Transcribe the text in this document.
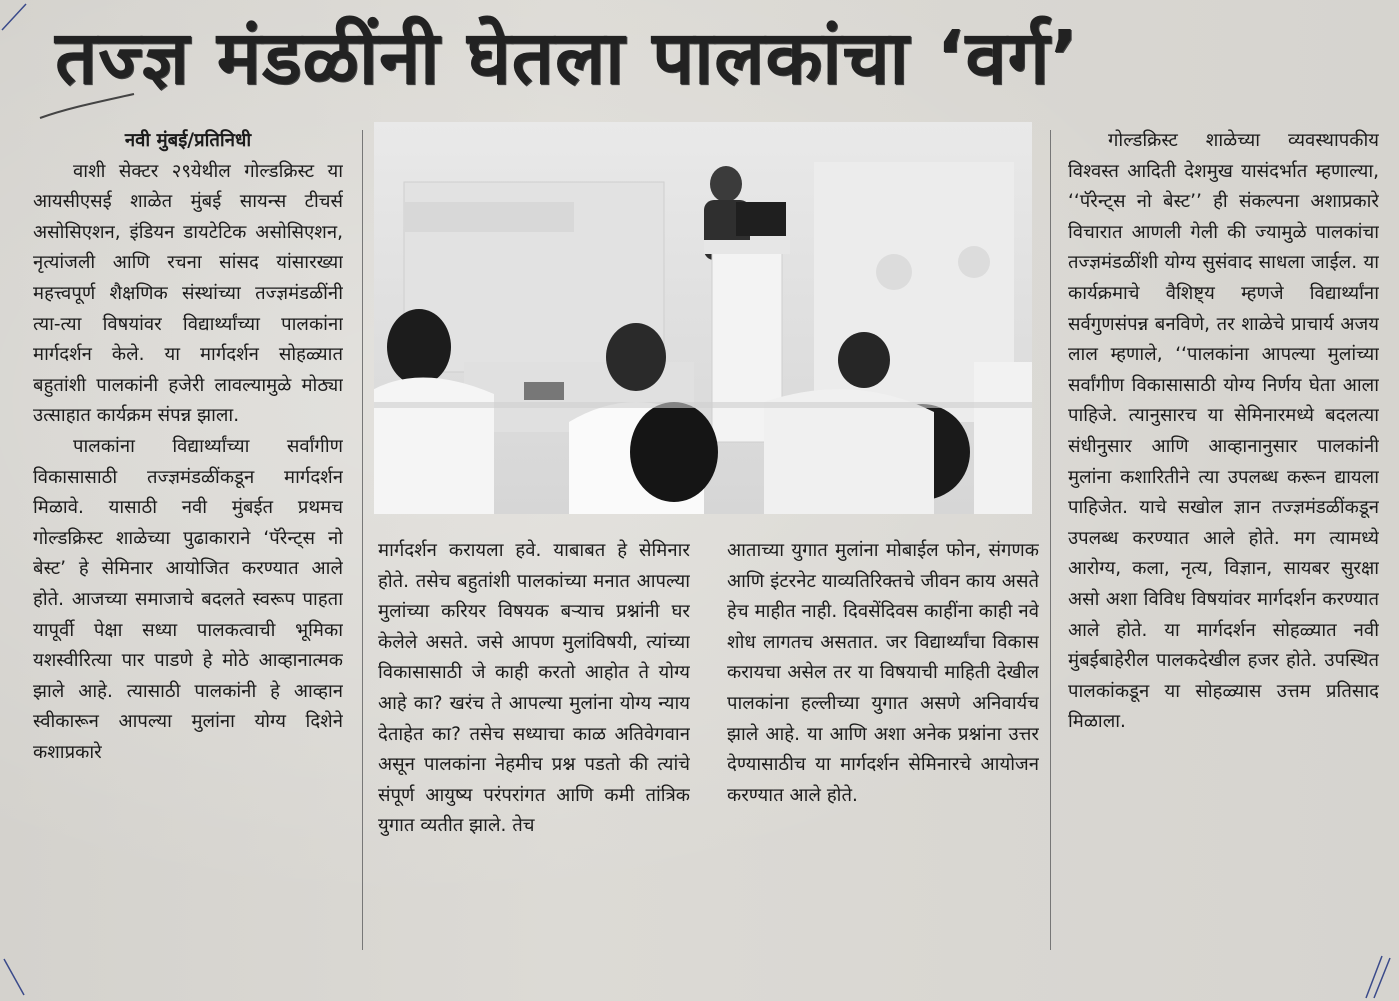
तज्ज्ञ मंडळींनी घेतला पालकांचा ‘वर्ग’

नवी मुंबई/प्रतिनिधी

वाशी सेक्टर २९येथील गोल्डक्रिस्ट या आयसीएसई शाळेत मुंबई सायन्स टीचर्स असोसिएशन, इंडियन डायटेटिक असोसिएशन, नृत्यांजली आणि रचना सांसद यांसारख्या महत्त्वपूर्ण शैक्षणिक संस्थांच्या तज्ज्ञमंडळींनी त्या-त्या विषयांवर विद्यार्थ्यांच्या पालकांना मार्गदर्शन केले. या मार्गदर्शन सोहळ्यात बहुतांशी पालकांनी हजेरी लावल्यामुळे मोठ्या उत्साहात कार्यक्रम संपन्न झाला.

पालकांना विद्यार्थ्यांच्या सर्वांगीण विकासासाठी तज्ज्ञमंडळींकडून मार्गदर्शन मिळावे. यासाठी नवी मुंबईत प्रथमच गोल्डक्रिस्ट शाळेच्या पुढाकाराने ‘पॅरेन्ट्स नो बेस्ट’ हे सेमिनार आयोजित करण्यात आले होते. आजच्या समाजाचे बदलते स्वरूप पाहता यापूर्वी पेक्षा सध्या पालकत्वाची भूमिका यशस्वीरित्या पार पाडणे हे मोठे आव्हानात्मक झाले आहे. त्यासाठी पालकांनी हे आव्हान स्वीकारून आपल्या मुलांना योग्य दिशेने कशाप्रकारे

मार्गदर्शन करायला हवे. याबाबत हे सेमिनार होते. तसेच बहुतांशी पालकांच्या मनात आपल्या मुलांच्या करियर विषयक बऱ्याच प्रश्नांनी घर केलेले असते. जसे आपण मुलांविषयी, त्यांच्या विकासासाठी जे काही करतो आहोत ते योग्य आहे का? खरंच ते आपल्या मुलांना योग्य न्याय देताहेत का? तसेच सध्याचा काळ अतिवेगवान असून पालकांना नेहमीच प्रश्न पडतो की त्यांचे संपूर्ण आयुष्य परंपरांगत आणि कमी तांत्रिक युगात व्यतीत झाले. तेच

आताच्या युगात मुलांना मोबाईल फोन, संगणक आणि इंटरनेट याव्यतिरिक्तचे जीवन काय असते हेच माहीत नाही. दिवसेंदिवस काहींना काही नवे शोध लागतच असतात. जर विद्यार्थ्यांचा विकास करायचा असेल तर या विषयाची माहिती देखील पालकांना हल्लीच्या युगात असणे अनिवार्यच झाले आहे. या आणि अशा अनेक प्रश्नांना उत्तर देण्यासाठीच या मार्गदर्शन सेमिनारचे आयोजन करण्यात आले होते.

गोल्डक्रिस्ट शाळेच्या व्यवस्थापकीय विश्वस्त आदिती देशमुख यासंदर्भात म्हणाल्या, ‘‘पॅरेन्ट्स नो बेस्ट’’ ही संकल्पना अशाप्रकारे विचारात आणली गेली की ज्यामुळे पालकांचा तज्ज्ञमंडळींशी योग्य सुसंवाद साधला जाईल. या कार्यक्रमाचे वैशिष्ट्य म्हणजे विद्यार्थ्यांना सर्वगुणसंपन्न बनविणे, तर शाळेचे प्राचार्य अजय लाल म्हणाले, ‘‘पालकांना आपल्या मुलांच्या सर्वांगीण विकासासाठी योग्य निर्णय घेता आला पाहिजे. त्यानुसारच या सेमिनारमध्ये बदलत्या संधीनुसार आणि आव्हानानुसार पालकांनी मुलांना कशारितीने त्या उपलब्ध करून द्यायला पाहिजेत. याचे सखोल ज्ञान तज्ज्ञमंडळींकडून उपलब्ध करण्यात आले होते. मग त्यामध्ये आरोग्य, कला, नृत्य, विज्ञान, सायबर सुरक्षा असो अशा विविध विषयांवर मार्गदर्शन करण्यात आले होते. या मार्गदर्शन सोहळ्यात नवी मुंबईबाहेरील पालकदेखील हजर होते. उपस्थित पालकांकडून या सोहळ्यास उत्तम प्रतिसाद मिळाला.
